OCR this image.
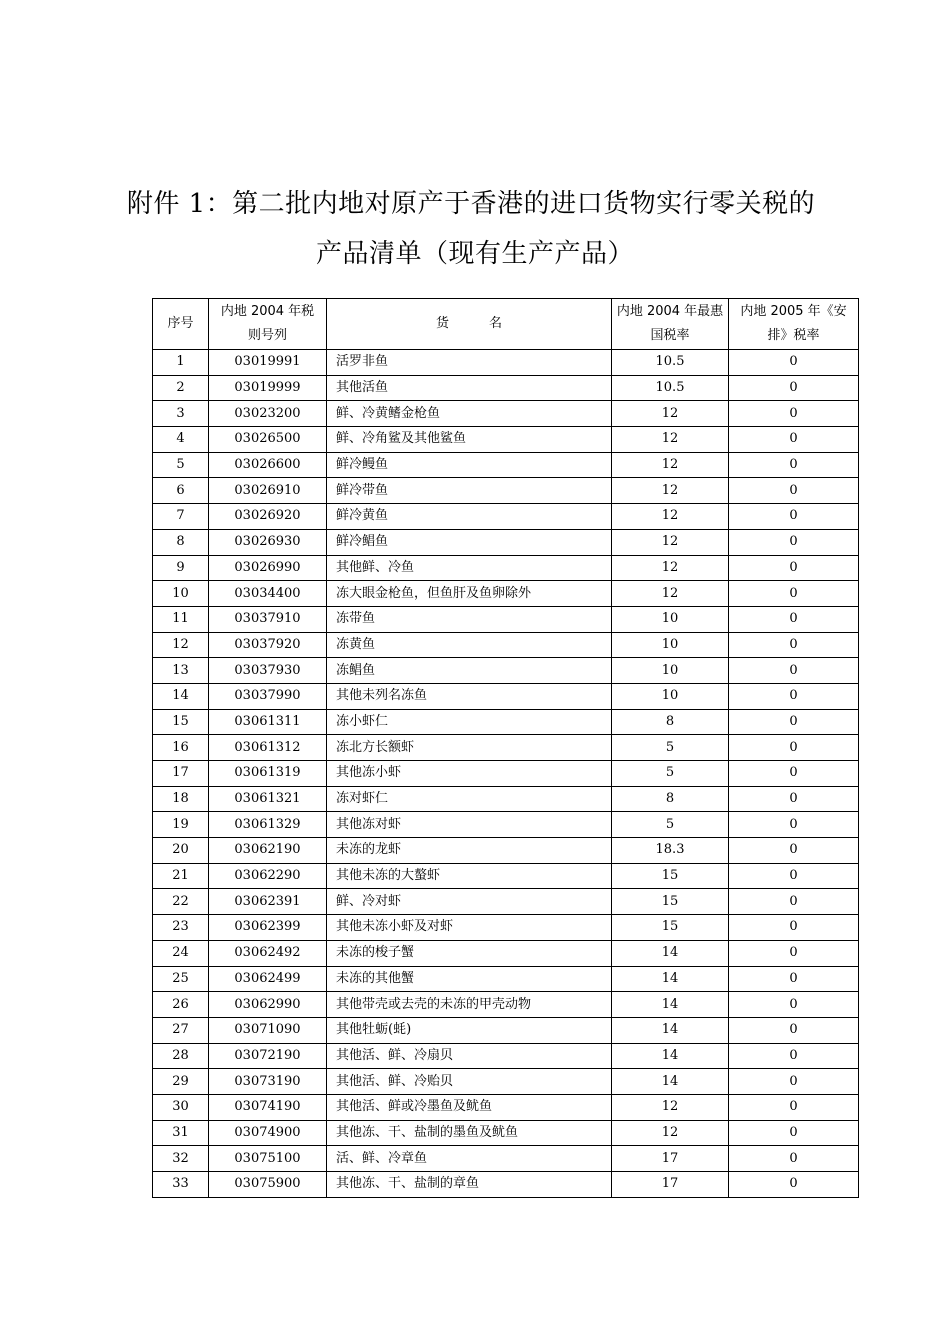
附件 1：第二批内地对原产于香港的进口货物实行零关税的
产品清单（现有生产产品）
序号	内地 2004 年税则号列	货名	内地 2004 年最惠国税率	内地 2005 年《安排》税率
1	03019991	活罗非鱼	10.5	0
2	03019999	其他活鱼	10.5	0
3	03023200	鲜、冷黄鳍金枪鱼	12	0
4	03026500	鲜、冷角鲨及其他鲨鱼	12	0
5	03026600	鲜冷鳗鱼	12	0
6	03026910	鲜冷带鱼	12	0
7	03026920	鲜冷黄鱼	12	0
8	03026930	鲜冷鲳鱼	12	0
9	03026990	其他鲜、冷鱼	12	0
10	03034400	冻大眼金枪鱼，但鱼肝及鱼卵除外	12	0
11	03037910	冻带鱼	10	0
12	03037920	冻黄鱼	10	0
13	03037930	冻鲳鱼	10	0
14	03037990	其他未列名冻鱼	10	0
15	03061311	冻小虾仁	8	0
16	03061312	冻北方长额虾	5	0
17	03061319	其他冻小虾	5	0
18	03061321	冻对虾仁	8	0
19	03061329	其他冻对虾	5	0
20	03062190	未冻的龙虾	18.3	0
21	03062290	其他未冻的大螯虾	15	0
22	03062391	鲜、冷对虾	15	0
23	03062399	其他未冻小虾及对虾	15	0
24	03062492	未冻的梭子蟹	14	0
25	03062499	未冻的其他蟹	14	0
26	03062990	其他带壳或去壳的未冻的甲壳动物	14	0
27	03071090	其他牡蛎(蚝)	14	0
28	03072190	其他活、鲜、冷扇贝	14	0
29	03073190	其他活、鲜、冷贻贝	14	0
30	03074190	其他活、鲜或冷墨鱼及鱿鱼	12	0
31	03074900	其他冻、干、盐制的墨鱼及鱿鱼	12	0
32	03075100	活、鲜、冷章鱼	17	0
33	03075900	其他冻、干、盐制的章鱼	17	0
